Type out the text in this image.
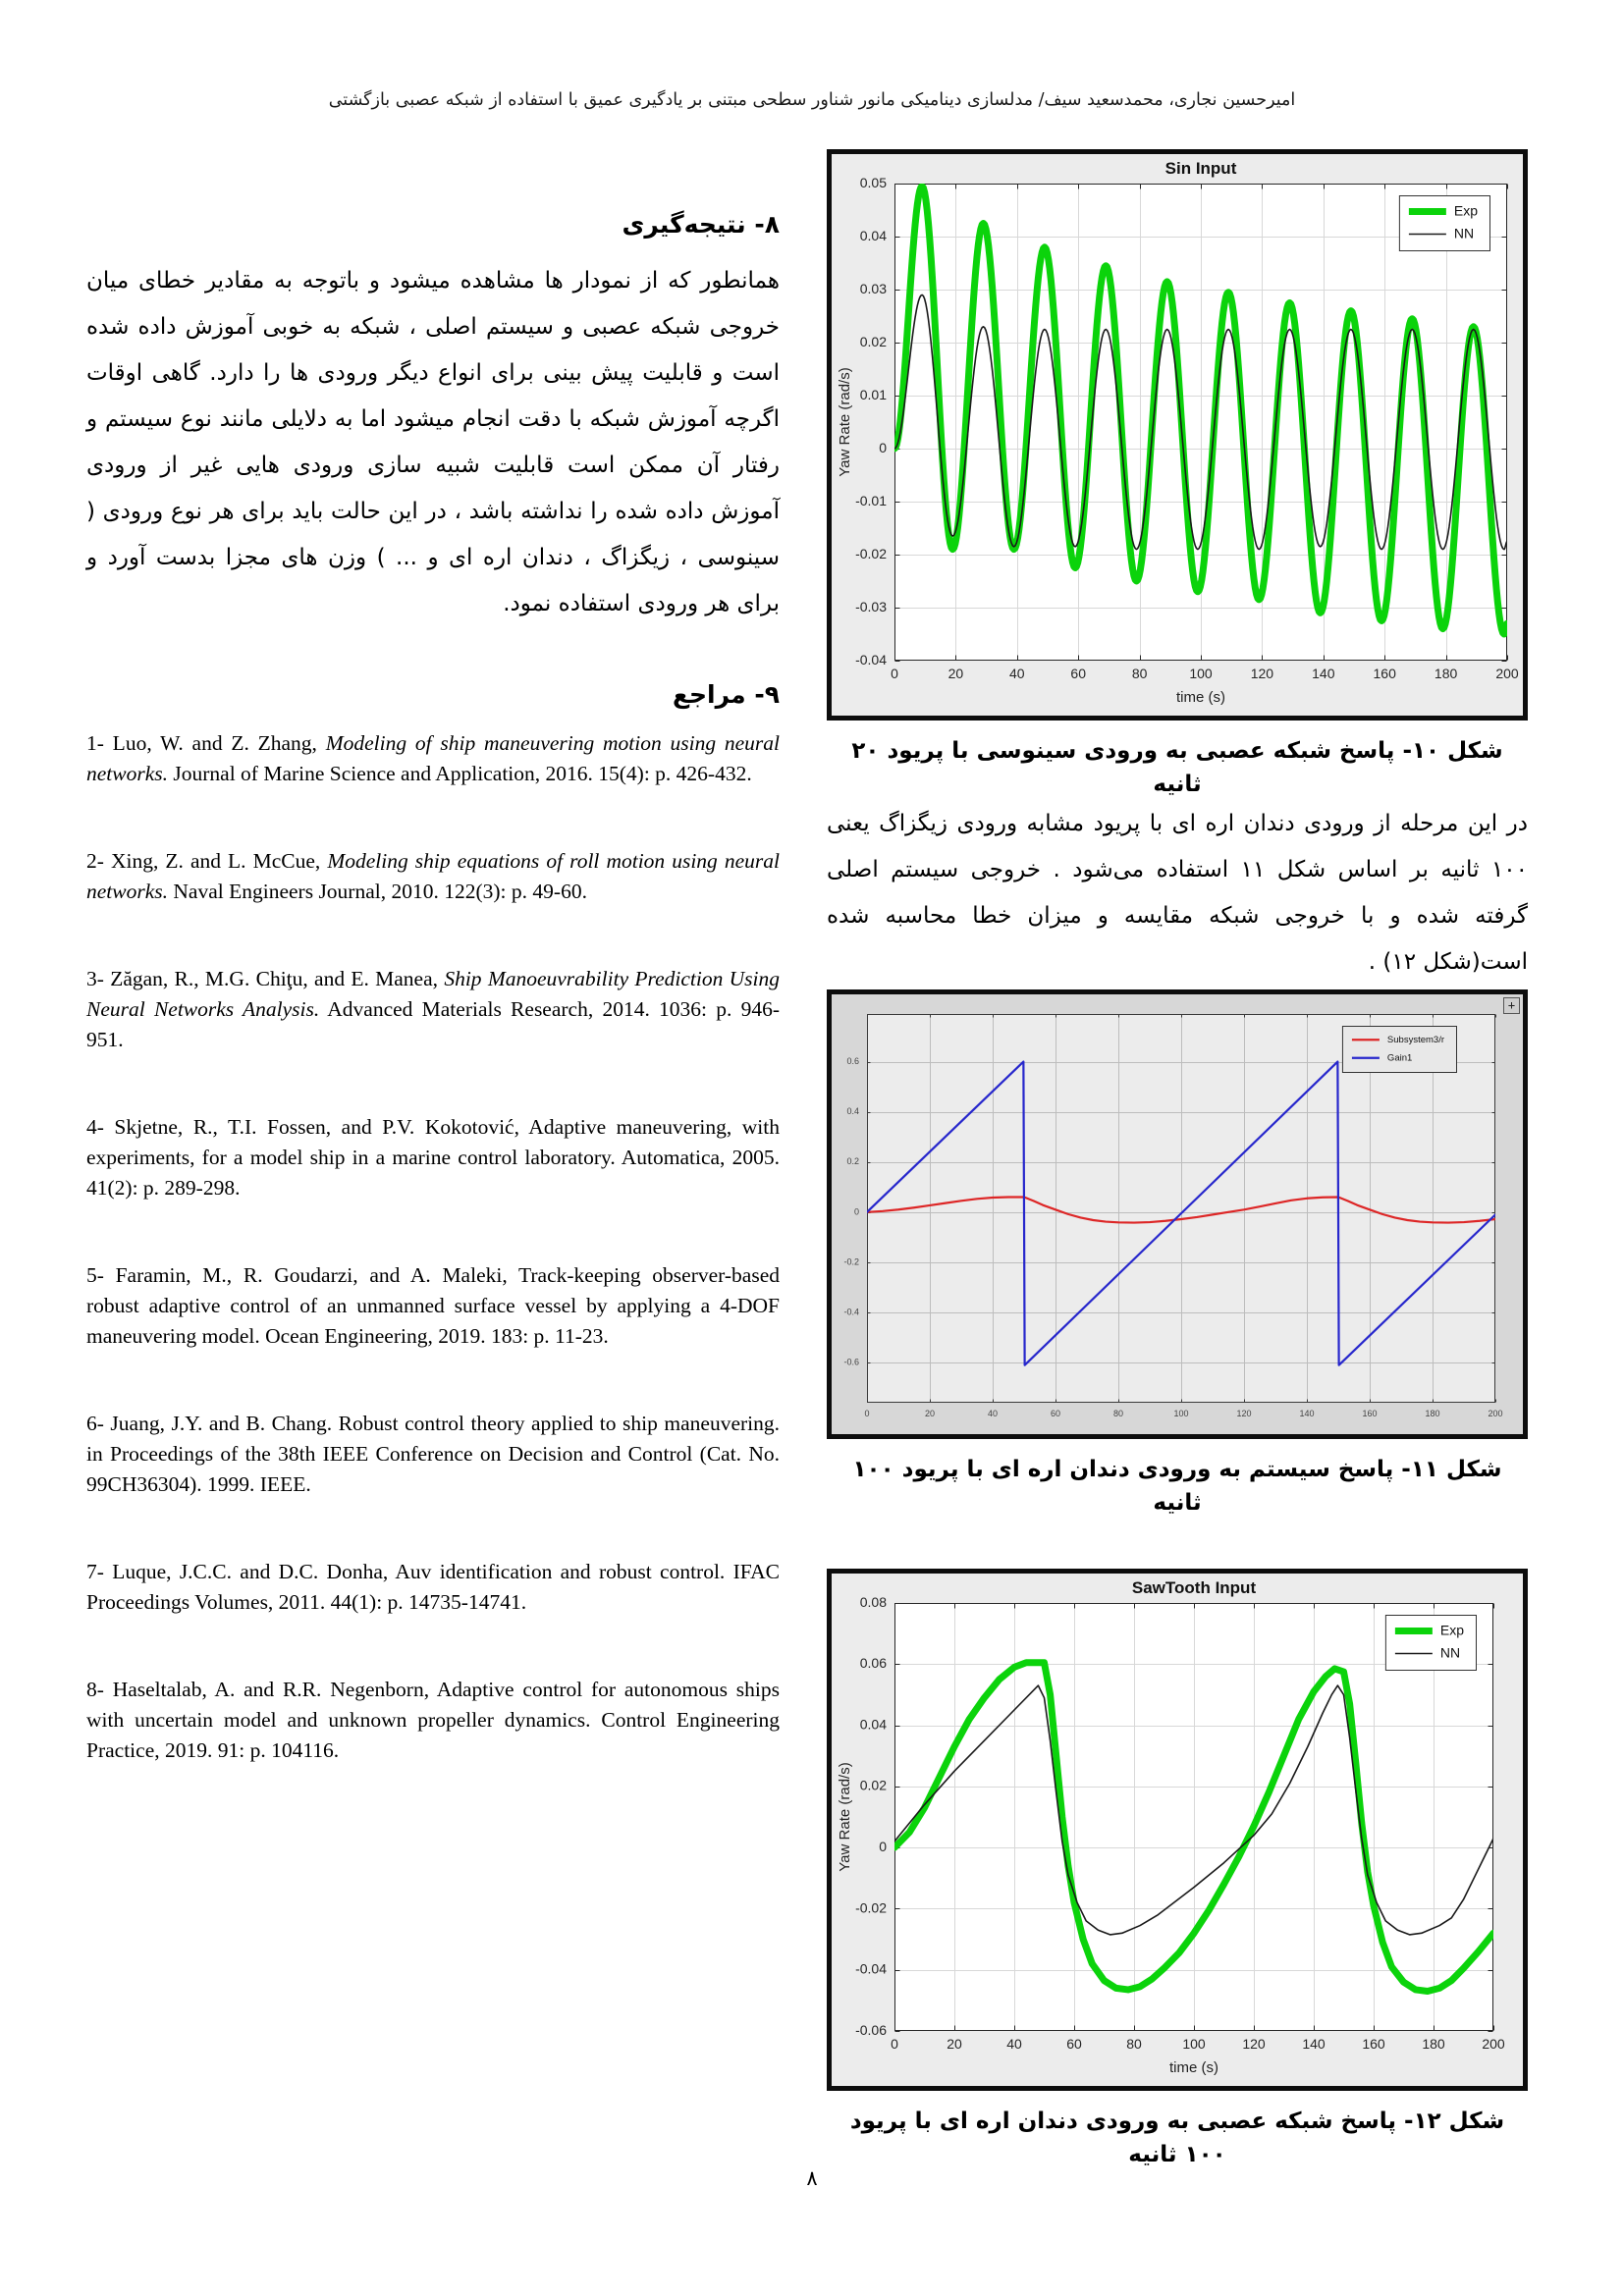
امیرحسین نجاری، محمدسعید سیف/ مدلسازی دینامیکی مانور شناور سطحی مبتنی بر یادگیری عمیق با استفاده از شبکه عصبی بازگشتی
۸- نتیجه‌گیری

همانطور که از نمودار ها مشاهده میشود و باتوجه به مقادیر خطای میان خروجی شبکه عصبی و سیستم اصلی ، شبکه به خوبی آموزش داده شده است و قابلیت پیش بینی برای انواع دیگر ورودی ها را دارد. گاهی اوقات اگرچه آموزش شبکه با دقت انجام میشود اما به دلایلی مانند نوع سیستم و رفتار آن ممکن است قابلیت شبیه سازی ورودی هایی غیر از ورودی آموزش داده شده را نداشته باشد ، در این حالت باید برای هر نوع ورودی ( سینوسی ، زیگزاگ ، دندان اره ای و ... ) وزن های مجزا بدست آورد و برای هر ورودی استفاده نمود.

۹- مراجع

1- Luo, W. and Z. Zhang, Modeling of ship maneuvering motion using neural networks. Journal of Marine Science and Application, 2016. 15(4): p. 426-432.

2- Xing, Z. and L. McCue, Modeling ship equations of roll motion using neural networks. Naval Engineers Journal, 2010. 122(3): p. 49-60.

3- Zăgan, R., M.G. Chiţu, and E. Manea, Ship Manoeuvrability Prediction Using Neural Networks Analysis. Advanced Materials Research, 2014. 1036: p. 946-951.

4- Skjetne, R., T.I. Fossen, and P.V. Kokotović, Adaptive maneuvering, with experiments, for a model ship in a marine control laboratory. Automatica, 2005. 41(2): p. 289-298.

5- Faramin, M., R. Goudarzi, and A. Maleki, Track-keeping observer-based robust adaptive control of an unmanned surface vessel by applying a 4-DOF maneuvering model. Ocean Engineering, 2019. 183: p. 11-23.

6- Juang, J.Y. and B. Chang. Robust control theory applied to ship maneuvering. in Proceedings of the 38th IEEE Conference on Decision and Control (Cat. No. 99CH36304). 1999. IEEE.

7- Luque, J.C.C. and D.C. Donha, Auv identification and robust control. IFAC Proceedings Volumes, 2011. 44(1): p. 14735-14741.

8- Haseltalab, A. and R.R. Negenborn, Adaptive control for autonomous ships with uncertain model and unknown propeller dynamics. Control Engineering Practice, 2019. 91: p. 104116.

شکل ۱۰- پاسخ شبکه عصبی به ورودی سینوسی با پریود ۲۰ ثانیه

در این مرحله از ورودی دندان اره ای با پریود مشابه ورودی زیگزاگ یعنی ۱۰۰ ثانیه بر اساس شکل ۱۱ استفاده می‌شود . خروجی سیستم اصلی گرفته شده و با خروجی شبکه مقایسه و میزان خطا محاسبه شده است(شکل ۱۲) .

+
شکل ۱۱- پاسخ سیستم به ورودی دندان اره ای با پریود ۱۰۰ ثانیه
شکل ۱۲- پاسخ شبکه عصبی به ورودی دندان اره ای با پریود ۱۰۰ ثانیه
۸
